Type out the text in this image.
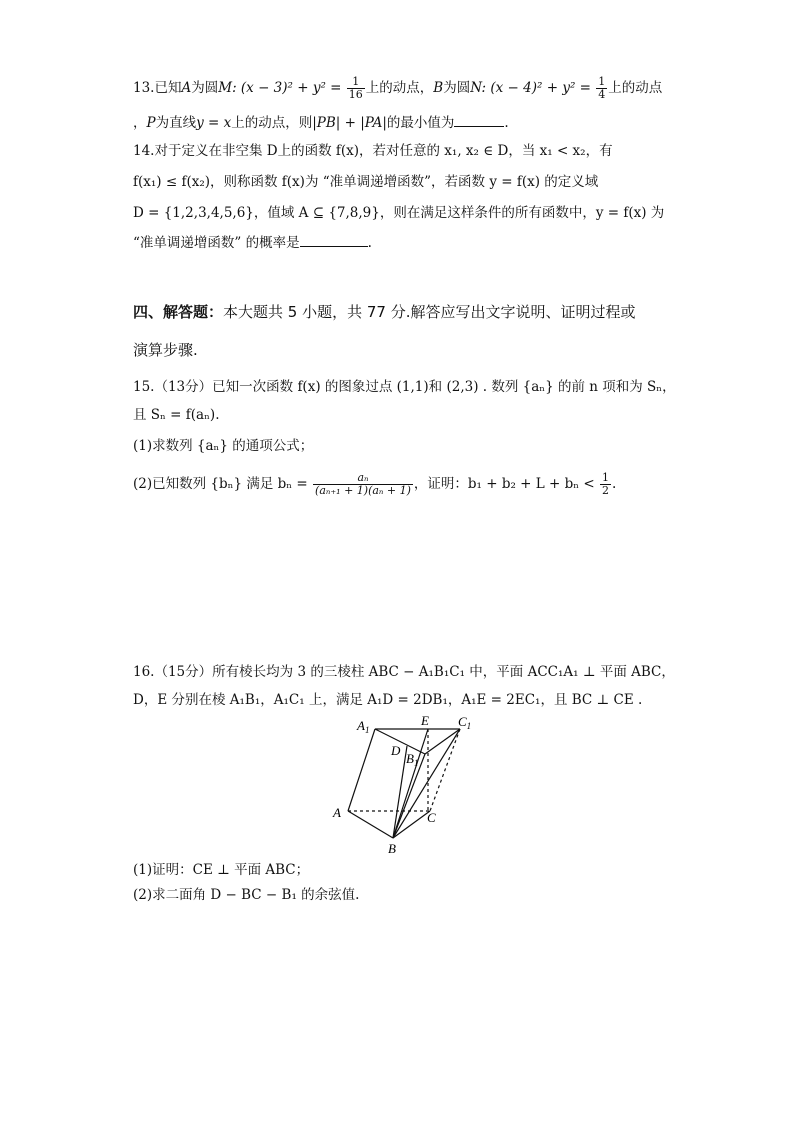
13.已知A为圆M: $(x - 3)^2 + y^2 = \frac{1}{16}$ 上的动点，B为圆N: $(x - 4)^2 + y^2 = \frac{1}{4}$ 上的动点
，P为直线y = x上的动点，则|PB| + |PA|的最小值为	.
14.对于定义在非空集 D上的函数 f(x)，若对任意的 x₁, x₂ ∈ D，当 x₁ < x₂，有
f(x₁) ≤ f(x₂)，则称函数 f(x)为 “准单调递增函数”，若函数 y = f(x) 的定义域
D = {1,2,3,4,5,6}，值域 A ⊆ {7,8,9}，则在满足这样条件的所有函数中，y = f(x) 为
“准单调递增函数” 的概率是	.
四、解答题：本大题共 5 小题，共 77 分.解答应写出文字说明、证明过程或
演算步骤.
15.（13分）已知一次函数 f(x) 的图象过点 (1,1)和 (2,3) . 数列 {aₙ} 的前 n 项和为 Sₙ，
且 Sₙ = f(aₙ).
(1)求数列 {aₙ} 的通项公式；
(2)已知数列 {bₙ} 满足 $b_n = \frac{\text{aₙ}}{\text{(aₙ₊₁ + 1)(aₙ + 1)}}$ ，证明：$b_1 + b_2 + L + b_n < \frac{1}{2}$ .
16.（15分）所有棱长均为 3 的三棱柱 ABC − A₁B₁C₁ 中，平面 ACC₁A₁ ⊥ 平面 ABC，
D，E 分别在棱 A₁B₁，A₁C₁ 上，满足 A₁D = 2DB₁，A₁E = 2EC₁，且 BC ⊥ CE .
$A_1$
E $C_1$
D
$B_1$
A	C
B
(1)证明：CE ⊥ 平面 ABC；
(2)求二面角 D − BC − B₁ 的余弦值.
